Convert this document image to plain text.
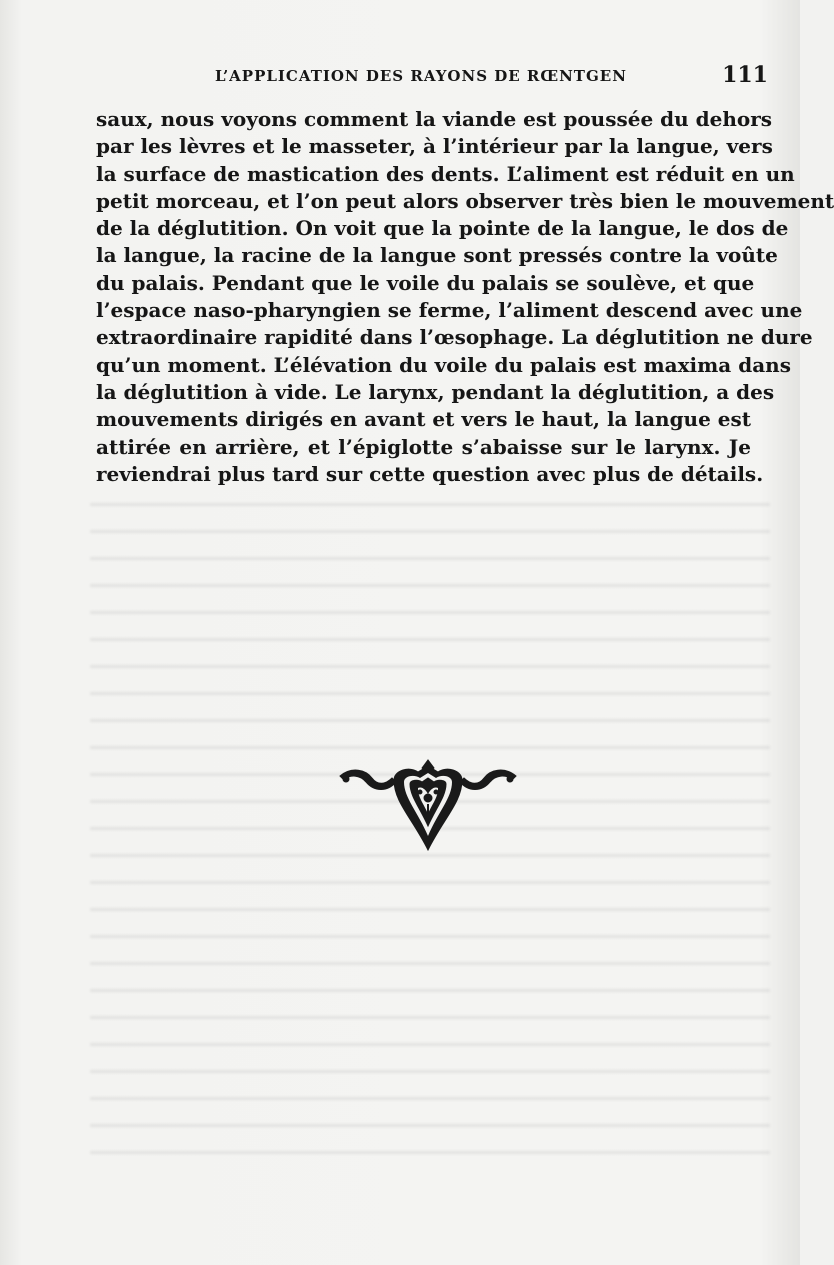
L’APPLICATION DES RAYONS DE RŒNTGEN	111

saux, nous voyons comment la viande est poussée du dehors
par les lèvres et le masseter, à l’intérieur par la langue, vers
la surface de mastication des dents. L’aliment est réduit en un
petit morceau, et l’on peut alors observer très bien le mouvement
de la déglutition. On voit que la pointe de la langue, le dos de
la langue, la racine de la langue sont pressés contre la voûte
du palais. Pendant que le voile du palais se soulève, et que
l’espace naso-pharyngien se ferme, l’aliment descend avec une
extraordinaire rapidité dans l’œsophage. La déglutition ne dure
qu’un moment. L’élévation du voile du palais est maxima dans
la déglutition à vide. Le larynx, pendant la déglutition, a des
mouvements dirigés en avant et vers le haut, la langue est
attirée en arrière, et l’épiglotte s’abaisse sur le larynx. Je
reviendrai plus tard sur cette question avec plus de détails.
